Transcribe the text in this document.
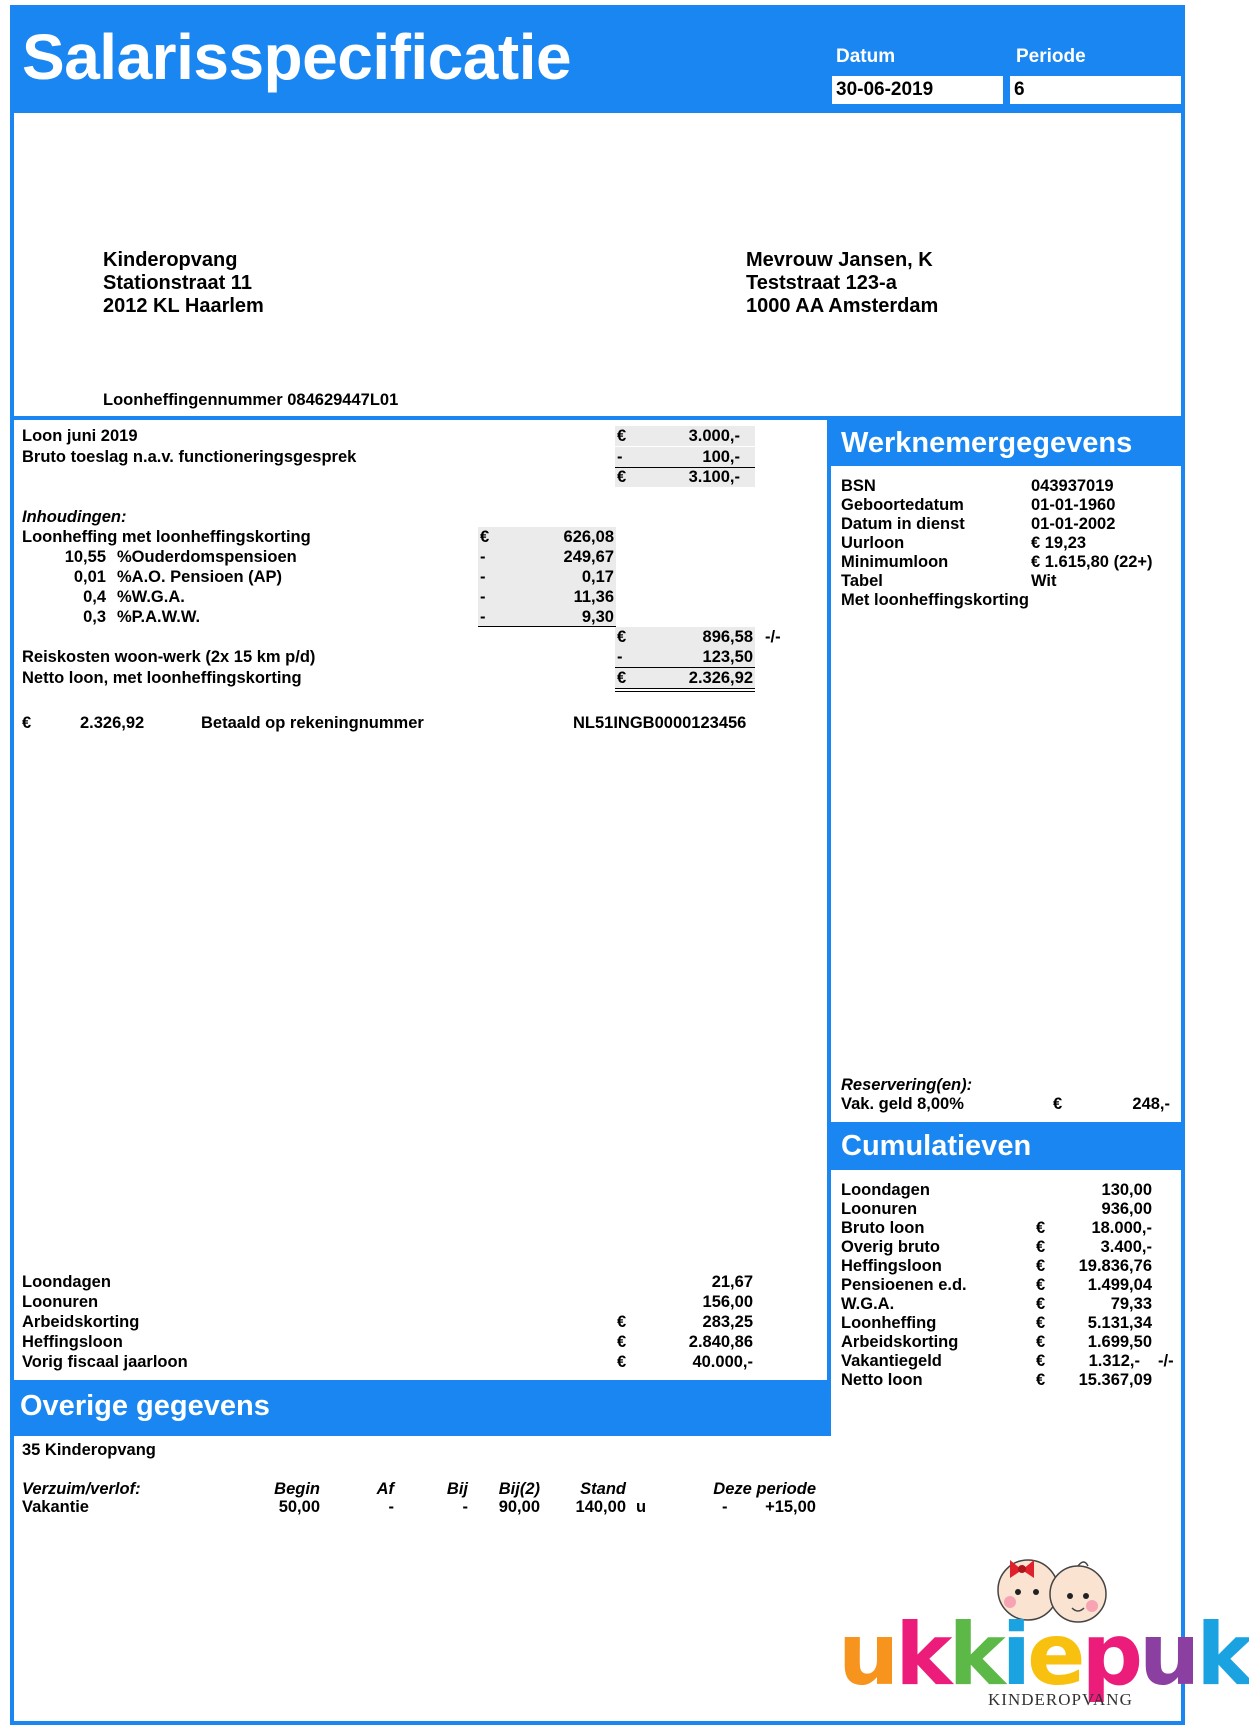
Salarisspecificatie	Datum	Periode
30-06-2019	6
Kinderopvang
Stationstraat 11
2012 KL Haarlem
Mevrouw Jansen, K
Teststraat 123-a
1000 AA Amsterdam
Loonheffingennummer 084629447L01
Loon juni 2019	€	3.000,-
Bruto toeslag n.a.v. functioneringsgesprek	-	100,-
€	3.100,-
Inhoudingen:
Loonheffing met loonheffingskorting	€	626,08
10,55 %Ouderdomspensioen	-	249,67
0,01 %A.O. Pensioen (AP)	-	0,17
0,4 %W.G.A.	-	11,36
0,3 %P.A.W.W.	-	9,30
€	896,58 -/-
Reiskosten woon-werk (2x 15 km p/d)	-	123,50
Netto loon, met loonheffingskorting	€	2.326,92
€	2.326,92	Betaald op rekeningnummer	NL51INGB0000123456
Loondagen	21,67
Loonuren	156,00
Arbeidskorting	€	283,25
Heffingsloon	€	2.840,86
Vorig fiscaal jaarloon	€	40.000,-
Werknemergegevens
BSN	043937019
Geboortedatum	01-01-1960
Datum in dienst	01-01-2002
Uurloon	€ 19,23
Minimumloon	€ 1.615,80 (22+)
Tabel	Wit
Met loonheffingskorting
Reservering(en):
Vak. geld 8,00%	€	248,-
Cumulatieven
Loondagen	130,00
Loonuren	936,00
Bruto loon	€	18.000,-
Overig bruto	€	3.400,-
Heffingsloon	€	19.836,76
Pensioenen e.d.	€	1.499,04
W.G.A.	€	79,33
Loonheffing	€	5.131,34
Arbeidskorting	€	1.699,50
Vakantiegeld	€	1.312,- -/-
Netto loon	€	15.367,09
Overige gegevens
35 Kinderopvang
Verzuim/verlof:	Begin	Af	Bij	Bij(2)	Stand	Deze periode
Vakantie	50,00	-	-	90,00	140,00 u	-	+15,00
ukkiepuk
KINDEROPVANG
